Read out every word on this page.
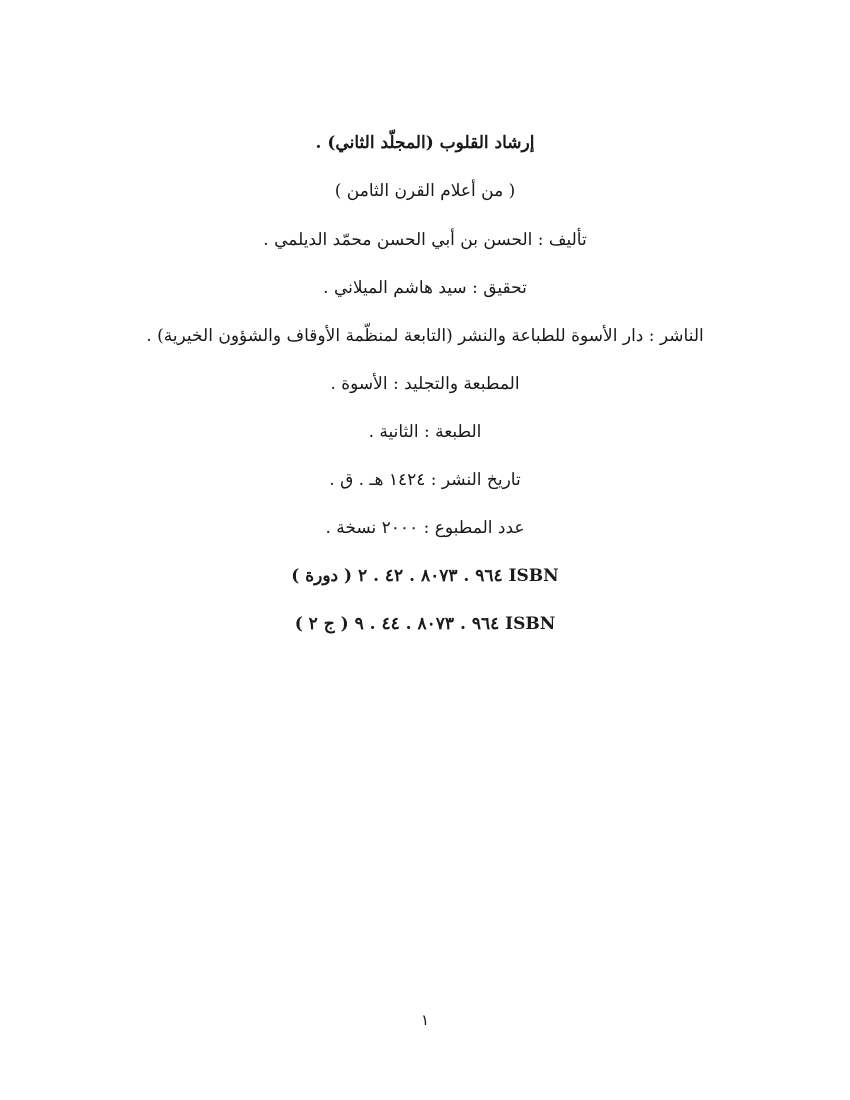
إرشاد القلوب (المجلّد الثاني) .
( من أعلام القرن الثامن )
تأليف : الحسن بن أبي الحسن محمّد الديلمي .
تحقيق : سيد هاشم الميلاني .
الناشر : دار الأسوة للطباعة والنشر (التابعة لمنظّمة الأوقاف والشؤون الخيرية) .
المطبعة والتجليد : الأسوة .
الطبعة : الثانية .
تاريخ النشر : ١٤٢٤ هـ . ق .
عدد المطبوع : ٢٠٠٠ نسخة .
ISBN ٩٦٤ . ٨٠٧٣ . ٤٢ . ٢ ( دورة )
ISBN ٩٦٤ . ٨٠٧٣ . ٤٤ . ٩ ( ج ٢ )
١
